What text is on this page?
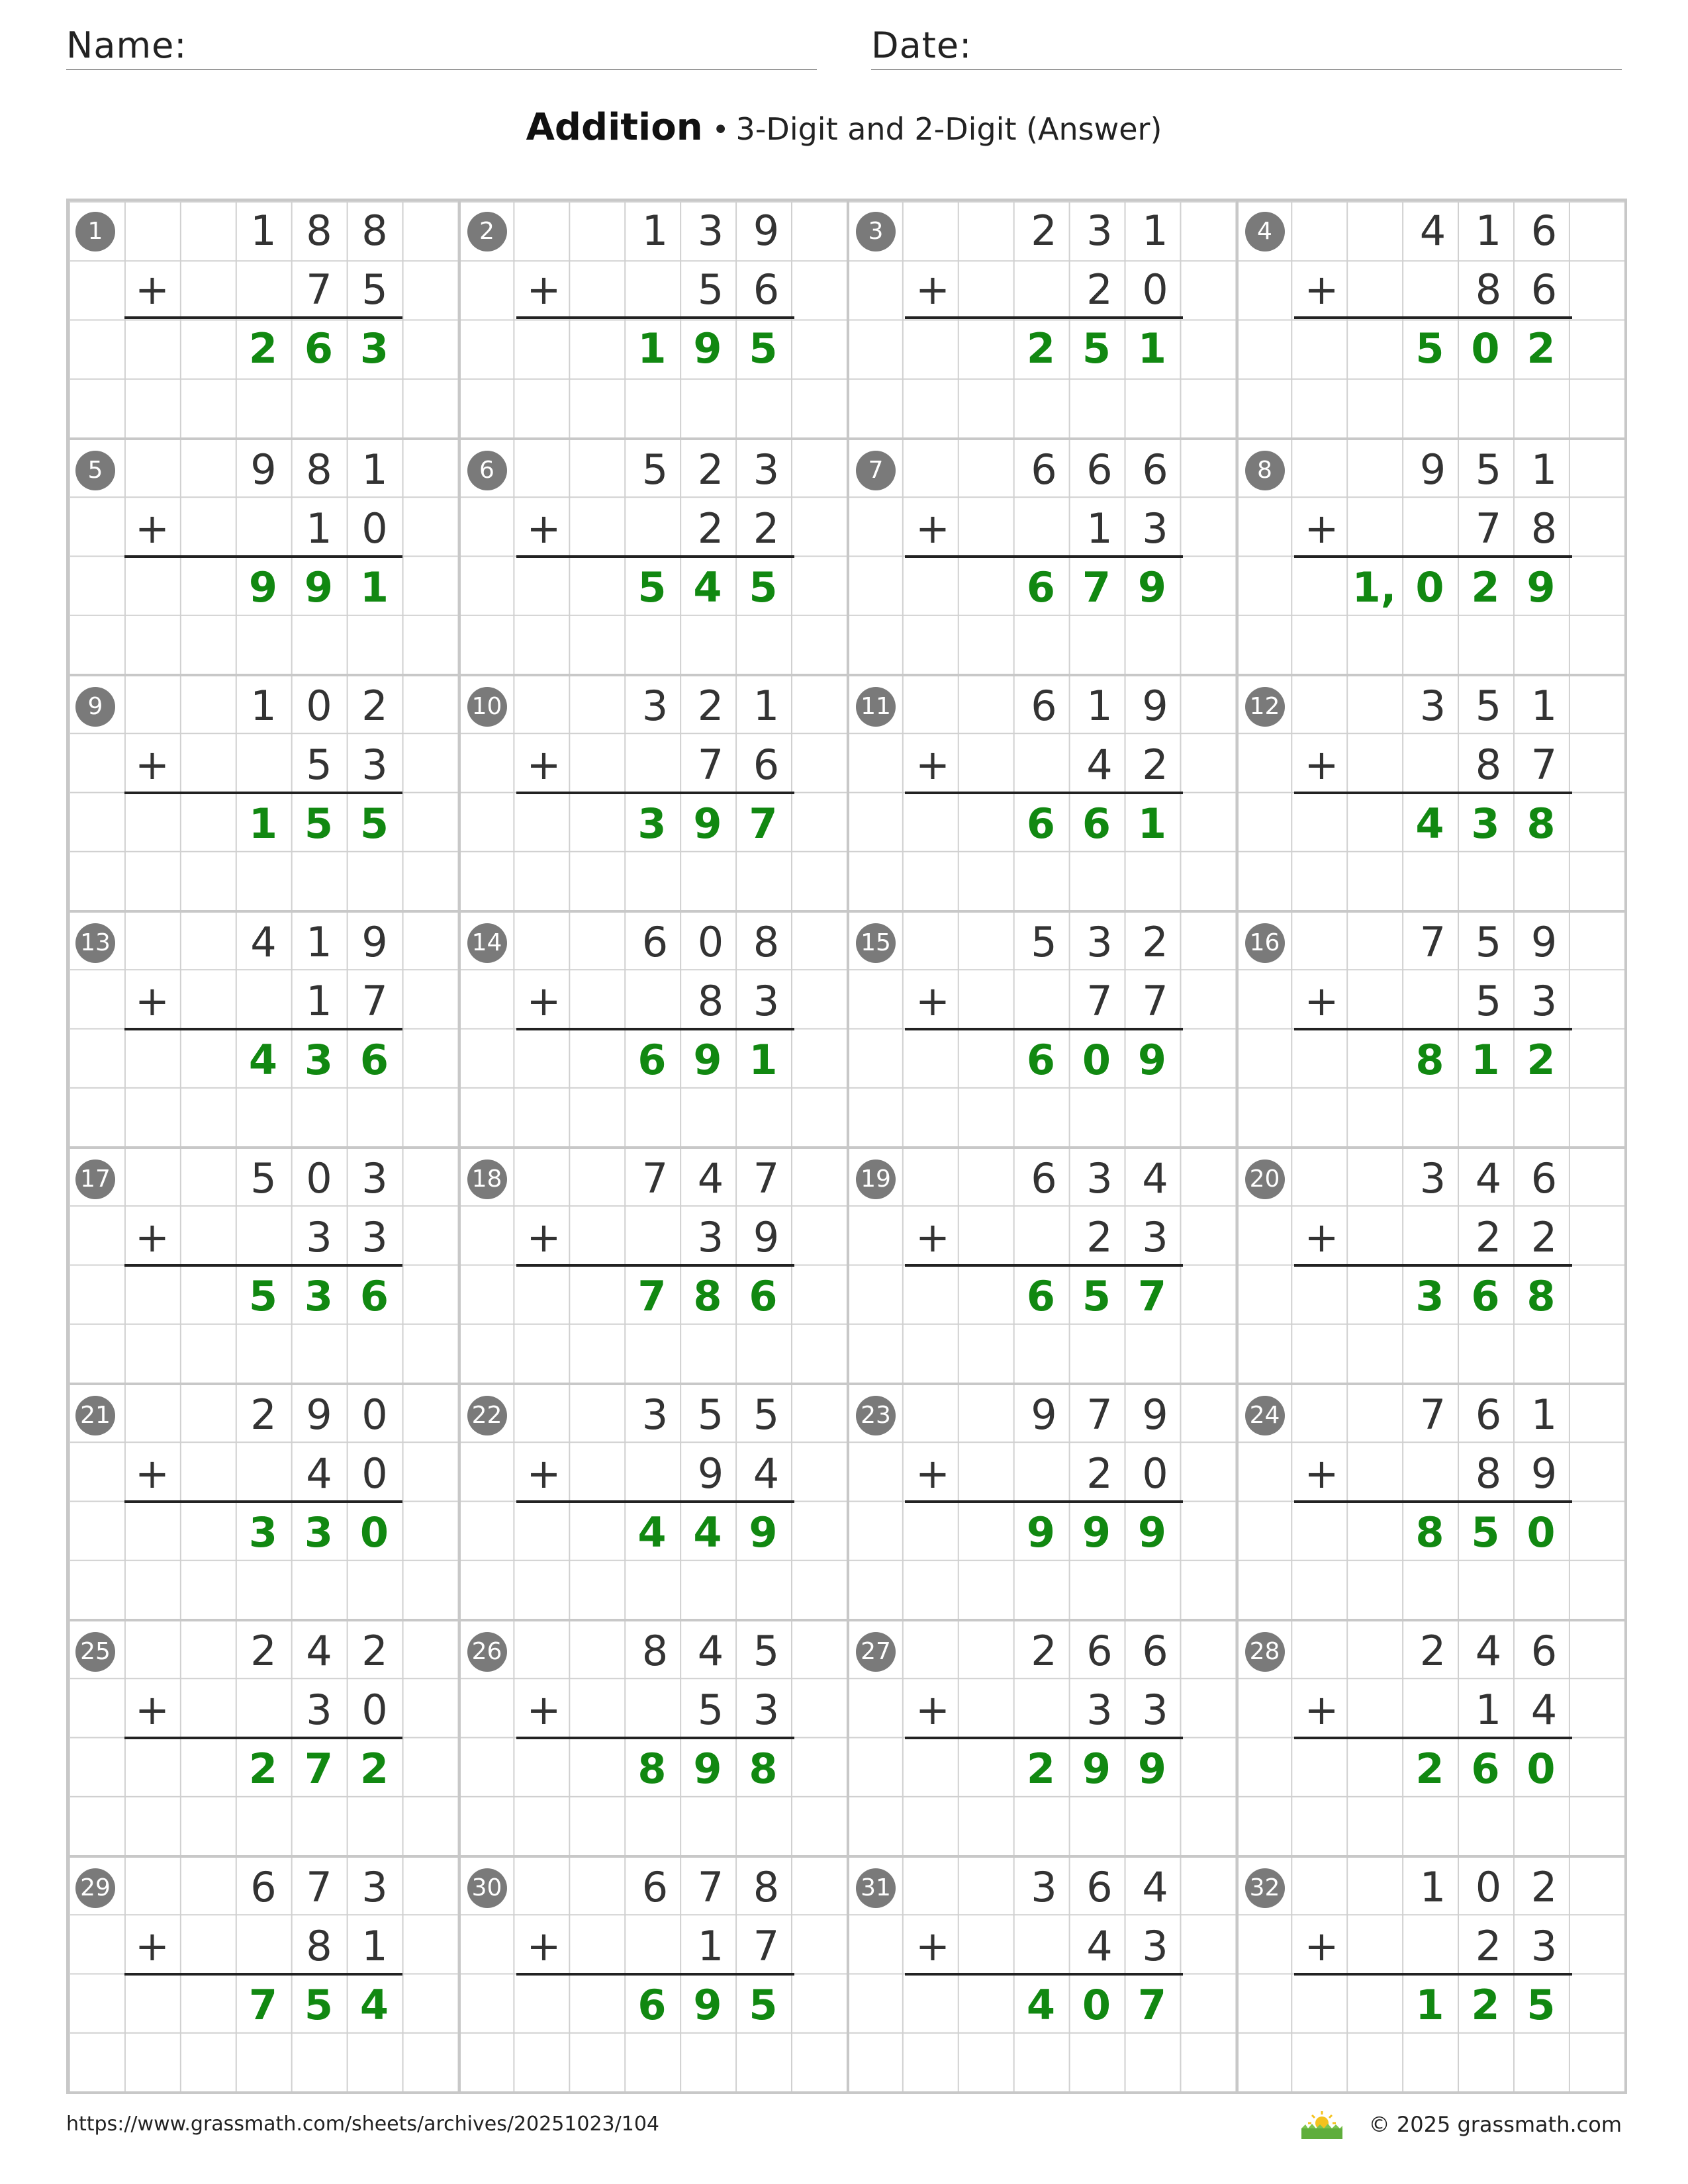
Name:	Date:
Addition • 3-Digit and 2-Digit (Answer)
1	1 8 8
+	7 5
2 6 3
2	1 3 9
+	5 6
1 9 5
3	2 3 1
+	2 0
2 5 1
4	4 1 6
+	8 6
5 0 2
5	9 8 1
+	1 0
9 9 1
6	5 2 3
+	2 2
5 4 5
7	6 6 6
+	1 3
6 7 9
8	9 5 1
+	7 8
1, 0 2 9
9	1 0 2
+	5 3
1 5 5
10	3 2 1
+	7 6
3 9 7
11	6 1 9
+	4 2
6 6 1
12	3 5 1
+	8 7
4 3 8
13	4 1 9
+	1 7
4 3 6
14	6 0 8
+	8 3
6 9 1
15	5 3 2
+	7 7
6 0 9
16	7 5 9
+	5 3
8 1 2
17	5 0 3
+	3 3
5 3 6
18	7 4 7
+	3 9
7 8 6
19	6 3 4
+	2 3
6 5 7
20	3 4 6
+	2 2
3 6 8
21	2 9 0
+	4 0
3 3 0
22	3 5 5
+	9 4
4 4 9
23	9 7 9
+	2 0
9 9 9
24	7 6 1
+	8 9
8 5 0
25	2 4 2
+	3 0
2 7 2
26	8 4 5
+	5 3
8 9 8
27	2 6 6
+	3 3
2 9 9
28	2 4 6
+	1 4
2 6 0
29	6 7 3
+	8 1
7 5 4
30	6 7 8
+	1 7
6 9 5
31	3 6 4
+	4 3
4 0 7
32	1 0 2
+	2 3
1 2 5
https://www.grassmath.com/sheets/archives/20251023/104	© 2025 grassmath.com
